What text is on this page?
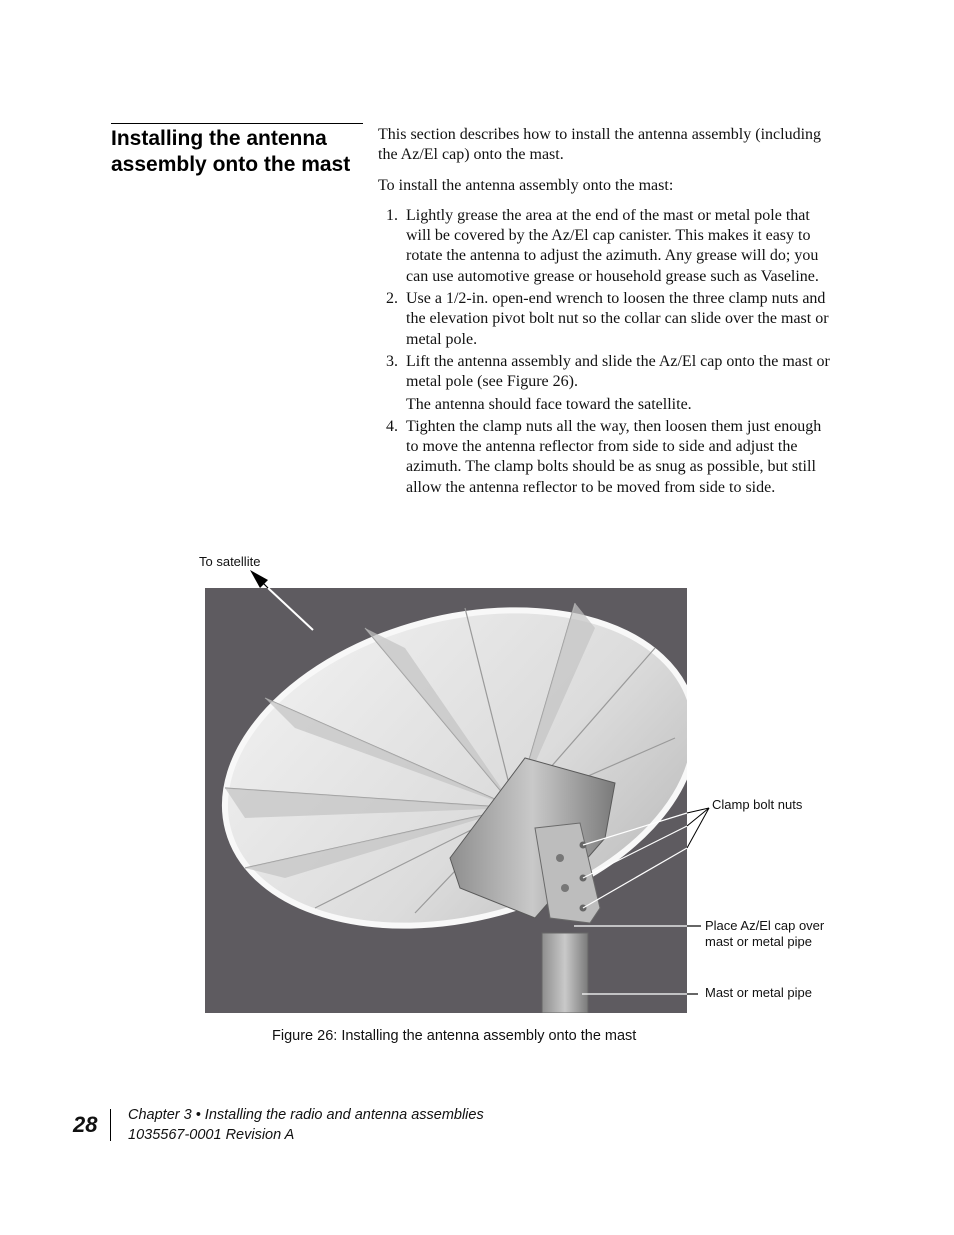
Installing the antenna assembly onto the mast

This section describes how to install the antenna assembly (including the Az/El cap) onto the mast.

To install the antenna assembly onto the mast:

1. Lightly grease the area at the end of the mast or metal pole that will be covered by the Az/El cap canister. This makes it easy to rotate the antenna to adjust the azimuth. Any grease will do; you can use automotive grease or household grease such as Vaseline.
2. Use a 1/2-in. open-end wrench to loosen the three clamp nuts and the elevation pivot bolt nut so the collar can slide over the mast or metal pole.
3. Lift the antenna assembly and slide the Az/El cap onto the mast or metal pole (see Figure 26).
The antenna should face toward the satellite.
4. Tighten the clamp nuts all the way, then loosen them just enough to move the antenna reflector from side to side and adjust the azimuth. The clamp bolts should be as snug as possible, but still allow the antenna reflector to be moved from side to side.
To satellite
Clamp bolt nuts
Place Az/El cap over mast or metal pipe
Mast or metal pipe
Figure 26: Installing the antenna assembly onto the mast
28 Chapter 3 • Installing the radio and antenna assemblies
1035567-0001 Revision A
